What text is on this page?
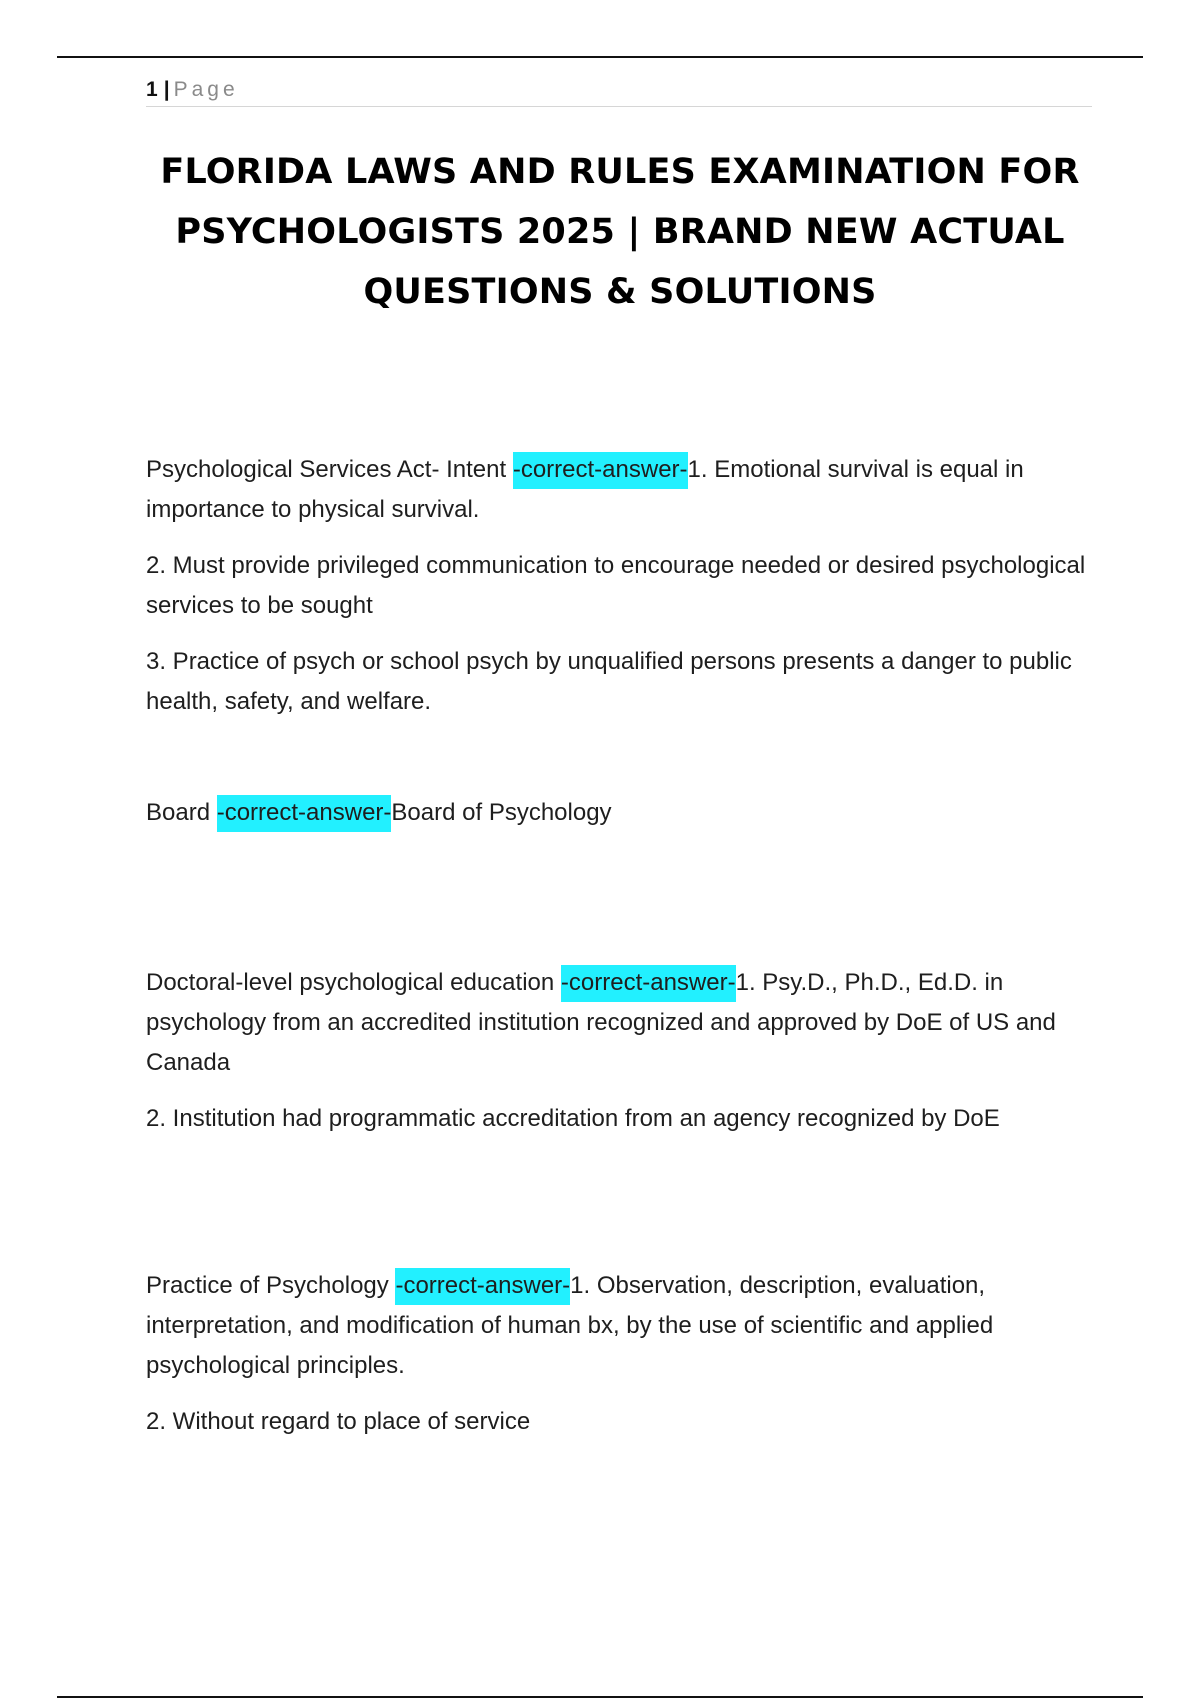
1 | Page
FLORIDA LAWS AND RULES EXAMINATION FOR PSYCHOLOGISTS 2025 | BRAND NEW ACTUAL QUESTIONS & SOLUTIONS

Psychological Services Act- Intent -correct-answer-1. Emotional survival is equal in importance to physical survival.

2. Must provide privileged communication to encourage needed or desired psychological services to be sought

3. Practice of psych or school psych by unqualified persons presents a danger to public health, safety, and welfare.

Board -correct-answer-Board of Psychology

Doctoral-level psychological education -correct-answer-1. Psy.D., Ph.D., Ed.D. in psychology from an accredited institution recognized and approved by DoE of US and Canada

2. Institution had programmatic accreditation from an agency recognized by DoE

Practice of Psychology -correct-answer-1. Observation, description, evaluation, interpretation, and modification of human bx, by the use of scientific and applied psychological principles.

2. Without regard to place of service
